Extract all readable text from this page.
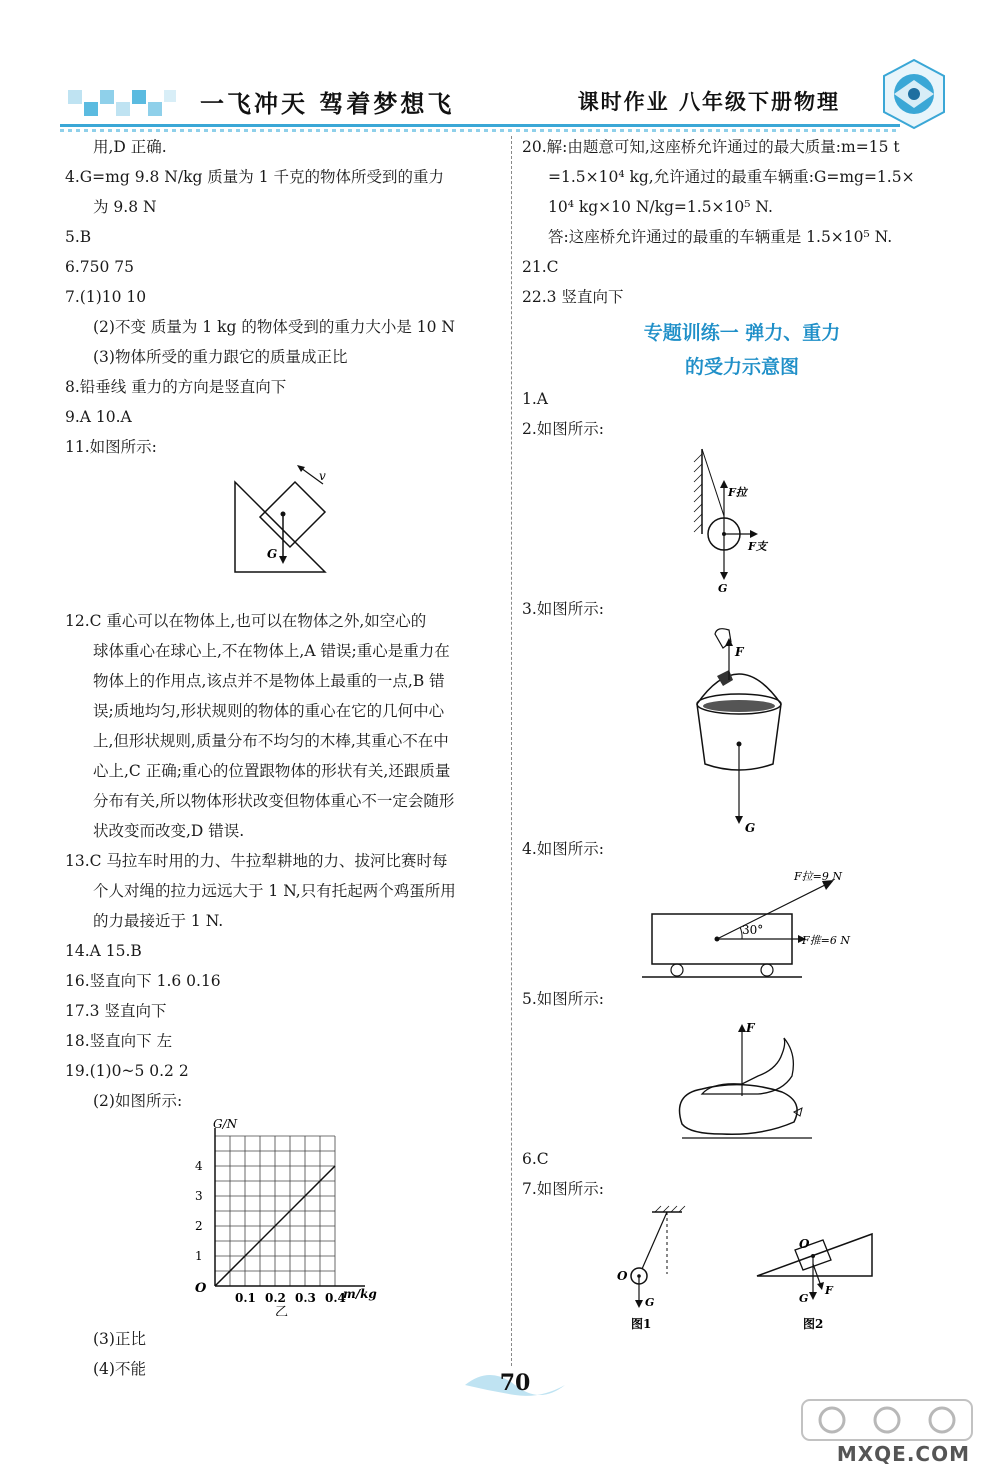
一飞冲天 驾着梦想飞	课时作业 八年级下册物理
用,D 正确.
4.G=mg 9.8 N/kg 质量为 1 千克的物体所受到的重力
为 9.8 N
5.B
6.750 75
7.(1)10 10
(2)不变 质量为 1 kg 的物体受到的重力大小是 10 N
(3)物体所受的重力跟它的质量成正比
8.铅垂线 重力的方向是竖直向下
9.A 10.A
11.如图所示:
v
G
12.C 重心可以在物体上,也可以在物体之外,如空心的
球体重心在球心上,不在物体上,A 错误;重心是重力在
物体上的作用点,该点并不是物体上最重的一点,B 错
误;质地均匀,形状规则的物体的重心在它的几何中心
上,但形状规则,质量分布不均匀的木棒,其重心不在中
心上,C 正确;重心的位置跟物体的形状有关,还跟质量
分布有关,所以物体形状改变但物体重心不一定会随形
状改变而改变,D 错误.
13.C 马拉车时用的力、牛拉犁耕地的力、拔河比赛时每
个人对绳的拉力远远大于 1 N,只有托起两个鸡蛋所用
的力最接近于 1 N.
14.A 15.B
16.竖直向下 1.6 0.16
17.3 竖直向下
18.竖直向下 左
19.(1)0~5 0.2 2
(2)如图所示:
G/N
m/kg
O
1
2
3
4
0.1 0.2 0.3 0.4
乙
(3)正比
(4)不能
20.解:由题意可知,这座桥允许通过的最大质量:m=15 t
=1.5×10⁴ kg,允许通过的最重车辆重:G=mg=1.5×
10⁴ kg×10 N/kg=1.5×10⁵ N.
答:这座桥允许通过的最重的车辆重是 1.5×10⁵ N.
21.C
22.3 竖直向下
专题训练一 弹力、重力
的受力示意图
1.A
2.如图所示:
F拉
F支
G
3.如图所示:
F
G
4.如图所示:
30°
F拉=9 N
F推=6 N
5.如图所示:
F
6.C
7.如图所示:
O
G
图1
O
G
F
图2
70
MXQE.COM
